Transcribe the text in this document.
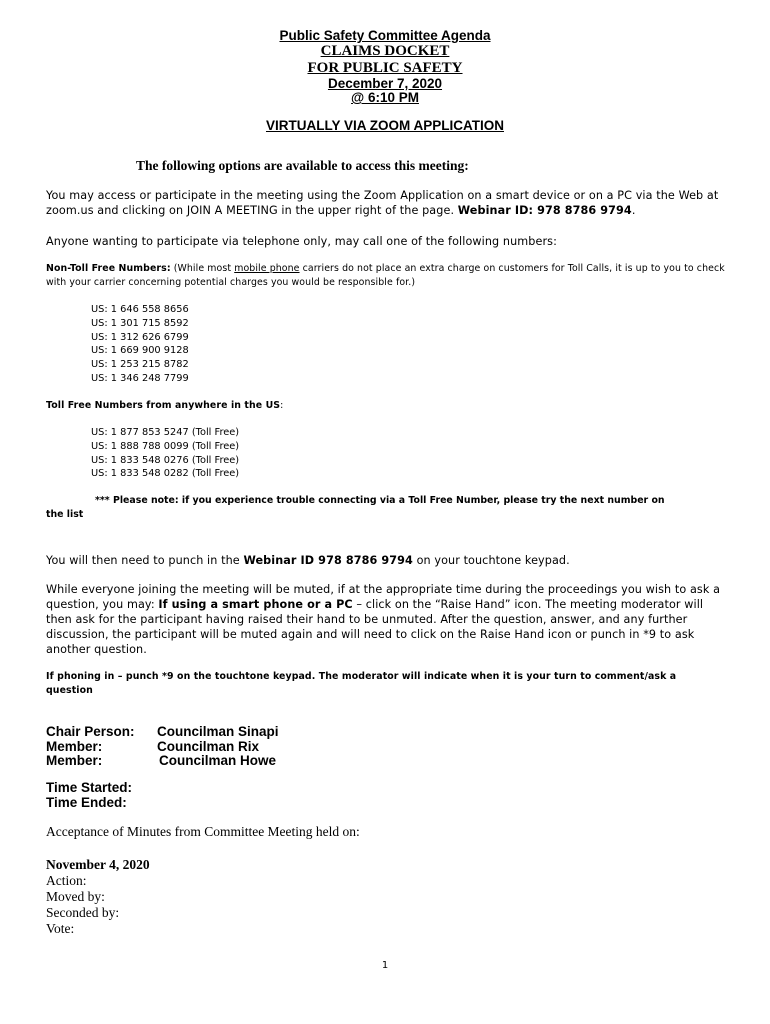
Public Safety Committee Agenda
CLAIMS DOCKET
FOR PUBLIC SAFETY
December 7, 2020
@ 6:10 PM
VIRTUALLY VIA ZOOM APPLICATION
The following options are available to access this meeting:
You may access or participate in the meeting using the Zoom Application on a smart device or on a PC via the Web at zoom.us and clicking on JOIN A MEETING in the upper right of the page. Webinar ID: 978 8786 9794.
Anyone wanting to participate via telephone only, may call one of the following numbers:
Non-Toll Free Numbers: (While most mobile phone carriers do not place an extra charge on customers for Toll Calls, it is up to you to check with your carrier concerning potential charges you would be responsible for.)
US: 1 646 558 8656
US: 1 301 715 8592
US: 1 312 626 6799
US: 1 669 900 9128
US: 1 253 215 8782
US: 1 346 248 7799
Toll Free Numbers from anywhere in the US:
US: 1 877 853 5247 (Toll Free)
US: 1 888 788 0099 (Toll Free)
US: 1 833 548 0276 (Toll Free)
US: 1 833 548 0282 (Toll Free)
*** Please note: if you experience trouble connecting via a Toll Free Number, please try the next number on
the list
You will then need to punch in the Webinar ID 978 8786 9794 on your touchtone keypad.
While everyone joining the meeting will be muted, if at the appropriate time during the proceedings you wish to ask a question, you may: If using a smart phone or a PC – click on the “Raise Hand” icon. The meeting moderator will then ask for the participant having raised their hand to be unmuted. After the question, answer, and any further discussion, the participant will be muted again and will need to click on the Raise Hand icon or punch in *9 to ask another question.
If phoning in – punch *9 on the touchtone keypad. The moderator will indicate when it is your turn to comment/ask a question
Chair Person: Councilman Sinapi
Member:	Councilman Rix
Member:	Councilman Howe
Time Started:
Time Ended:
Acceptance of Minutes from Committee Meeting held on:
November 4, 2020
Action:
Moved by:
Seconded by:
Vote:
1
